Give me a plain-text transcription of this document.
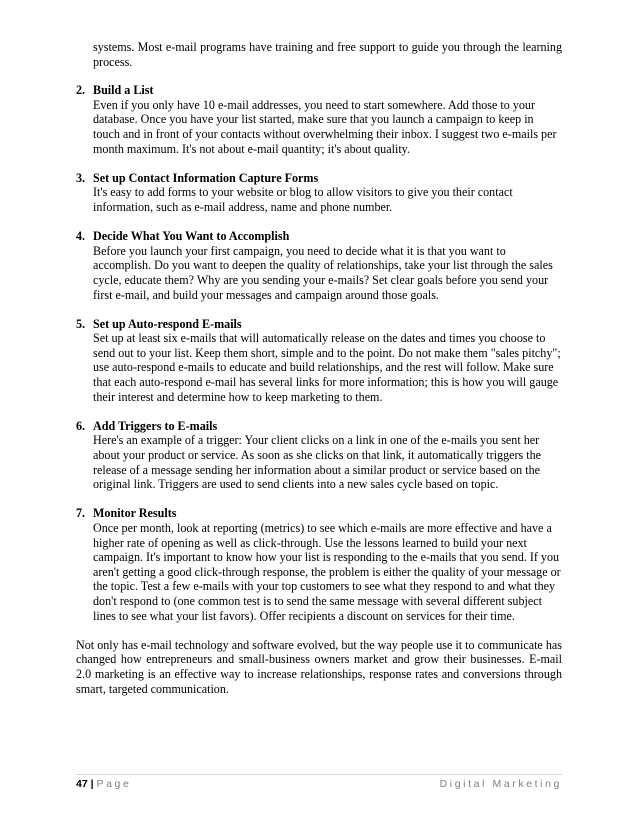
systems. Most e-mail programs have training and free support to guide you through the learning process.

2. Build a List
Even if you only have 10 e-mail addresses, you need to start somewhere. Add those to your database. Once you have your list started, make sure that you launch a campaign to keep in touch and in front of your contacts without overwhelming their inbox. I suggest two e-mails per month maximum. It's not about e-mail quantity; it's about quality.
3. Set up Contact Information Capture Forms
It's easy to add forms to your website or blog to allow visitors to give you their contact information, such as e-mail address, name and phone number.
4. Decide What You Want to Accomplish
Before you launch your first campaign, you need to decide what it is that you want to accomplish. Do you want to deepen the quality of relationships, take your list through the sales cycle, educate them? Why are you sending your e-mails? Set clear goals before you send your first e-mail, and build your messages and campaign around those goals.
5. Set up Auto-respond E-mails
Set up at least six e-mails that will automatically release on the dates and times you choose to send out to your list. Keep them short, simple and to the point. Do not make them "sales pitchy"; use auto-respond e-mails to educate and build relationships, and the rest will follow. Make sure that each auto-respond e-mail has several links for more information; this is how you will gauge their interest and determine how to keep marketing to them.
6. Add Triggers to E-mails
Here's an example of a trigger: Your client clicks on a link in one of the e-mails you sent her about your product or service. As soon as she clicks on that link, it automatically triggers the release of a message sending her information about a similar product or service based on the original link. Triggers are used to send clients into a new sales cycle based on topic.
7. Monitor Results
Once per month, look at reporting (metrics) to see which e-mails are more effective and have a higher rate of opening as well as click-through. Use the lessons learned to build your next campaign. It's important to know how your list is responding to the e-mails that you send. If you aren't getting a good click-through response, the problem is either the quality of your message or the topic. Test a few e-mails with your top customers to see what they respond to and what they don't respond to (one common test is to send the same message with several different subject lines to see what your list favors). Offer recipients a discount on services for their time.

Not only has e-mail technology and software evolved, but the way people use it to communicate has changed how entrepreneurs and small-business owners market and grow their businesses. E-mail 2.0 marketing is an effective way to increase relationships, response rates and conversions through smart, targeted communication.

47 | Page	Digital Marketing
